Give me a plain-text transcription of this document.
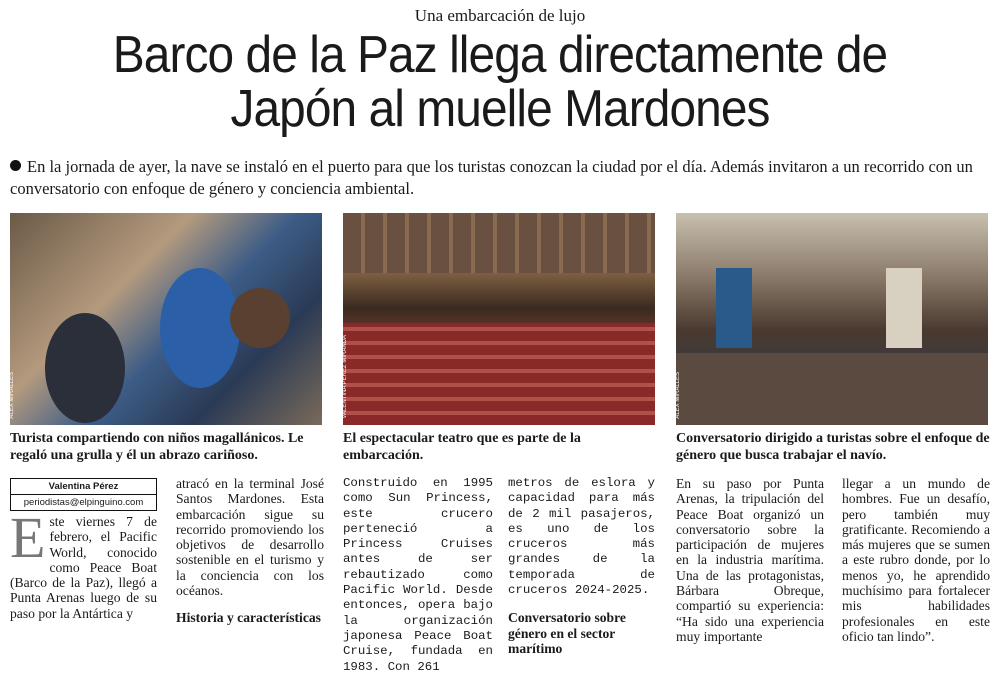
Una embarcación de lujo
Barco de la Paz llega directamente de
Japón al muelle Mardones
En la jornada de ayer, la nave se instaló en el puerto para que los turistas conozcan la ciudad por el día. Además invitaron a un recorrido con un conversatorio con enfoque de género y conciencia ambiental.
ALEX MIRALLES	VALENTINA PÉREZ MIRANDA	ALEX MIRALLES
Turista compartiendo con niños magallánicos. Le regaló una grulla y él un abrazo cariñoso.
El espectacular teatro que es parte de la embarcación.
Conversatorio dirigido a turistas sobre el enfoque de género que busca trabajar el navío.
Valentina Pérez
periodistas@elpinguino.com
Este viernes 7 de febrero, el Pacific World, conocido como Peace Boat (Barco de la Paz), llegó a Punta Arenas luego de su paso por la Antártica y
atracó en la terminal José Santos Mardones. Esta embarcación sigue su recorrido promoviendo los objetivos de desarrollo sostenible en el turismo y la conciencia con los océanos.
Historia y características
Construido en 1995 como Sun Princess, este crucero perteneció a Princess Cruises antes de ser rebautizado como Pacific World. Desde entonces, opera bajo la organización japonesa Peace Boat Cruise, fundada en 1983. Con 261
metros de eslora y capacidad para más de 2 mil pasajeros, es uno de los cruceros más grandes de la temporada de cruceros 2024-2025.
Conversatorio sobre género en el sector marítimo
En su paso por Punta Arenas, la tripulación del Peace Boat organizó un conversatorio sobre la participación de mujeres en la industria marítima. Una de las protagonistas, Bárbara Obreque, compartió su experiencia: “Ha sido una experiencia muy importante
llegar a un mundo de hombres. Fue un desafío, pero también muy gratificante. Recomiendo a más mujeres que se sumen a este rubro donde, por lo menos yo, he aprendido muchísimo para fortalecer mis habilidades profesionales en este oficio tan lindo”.
